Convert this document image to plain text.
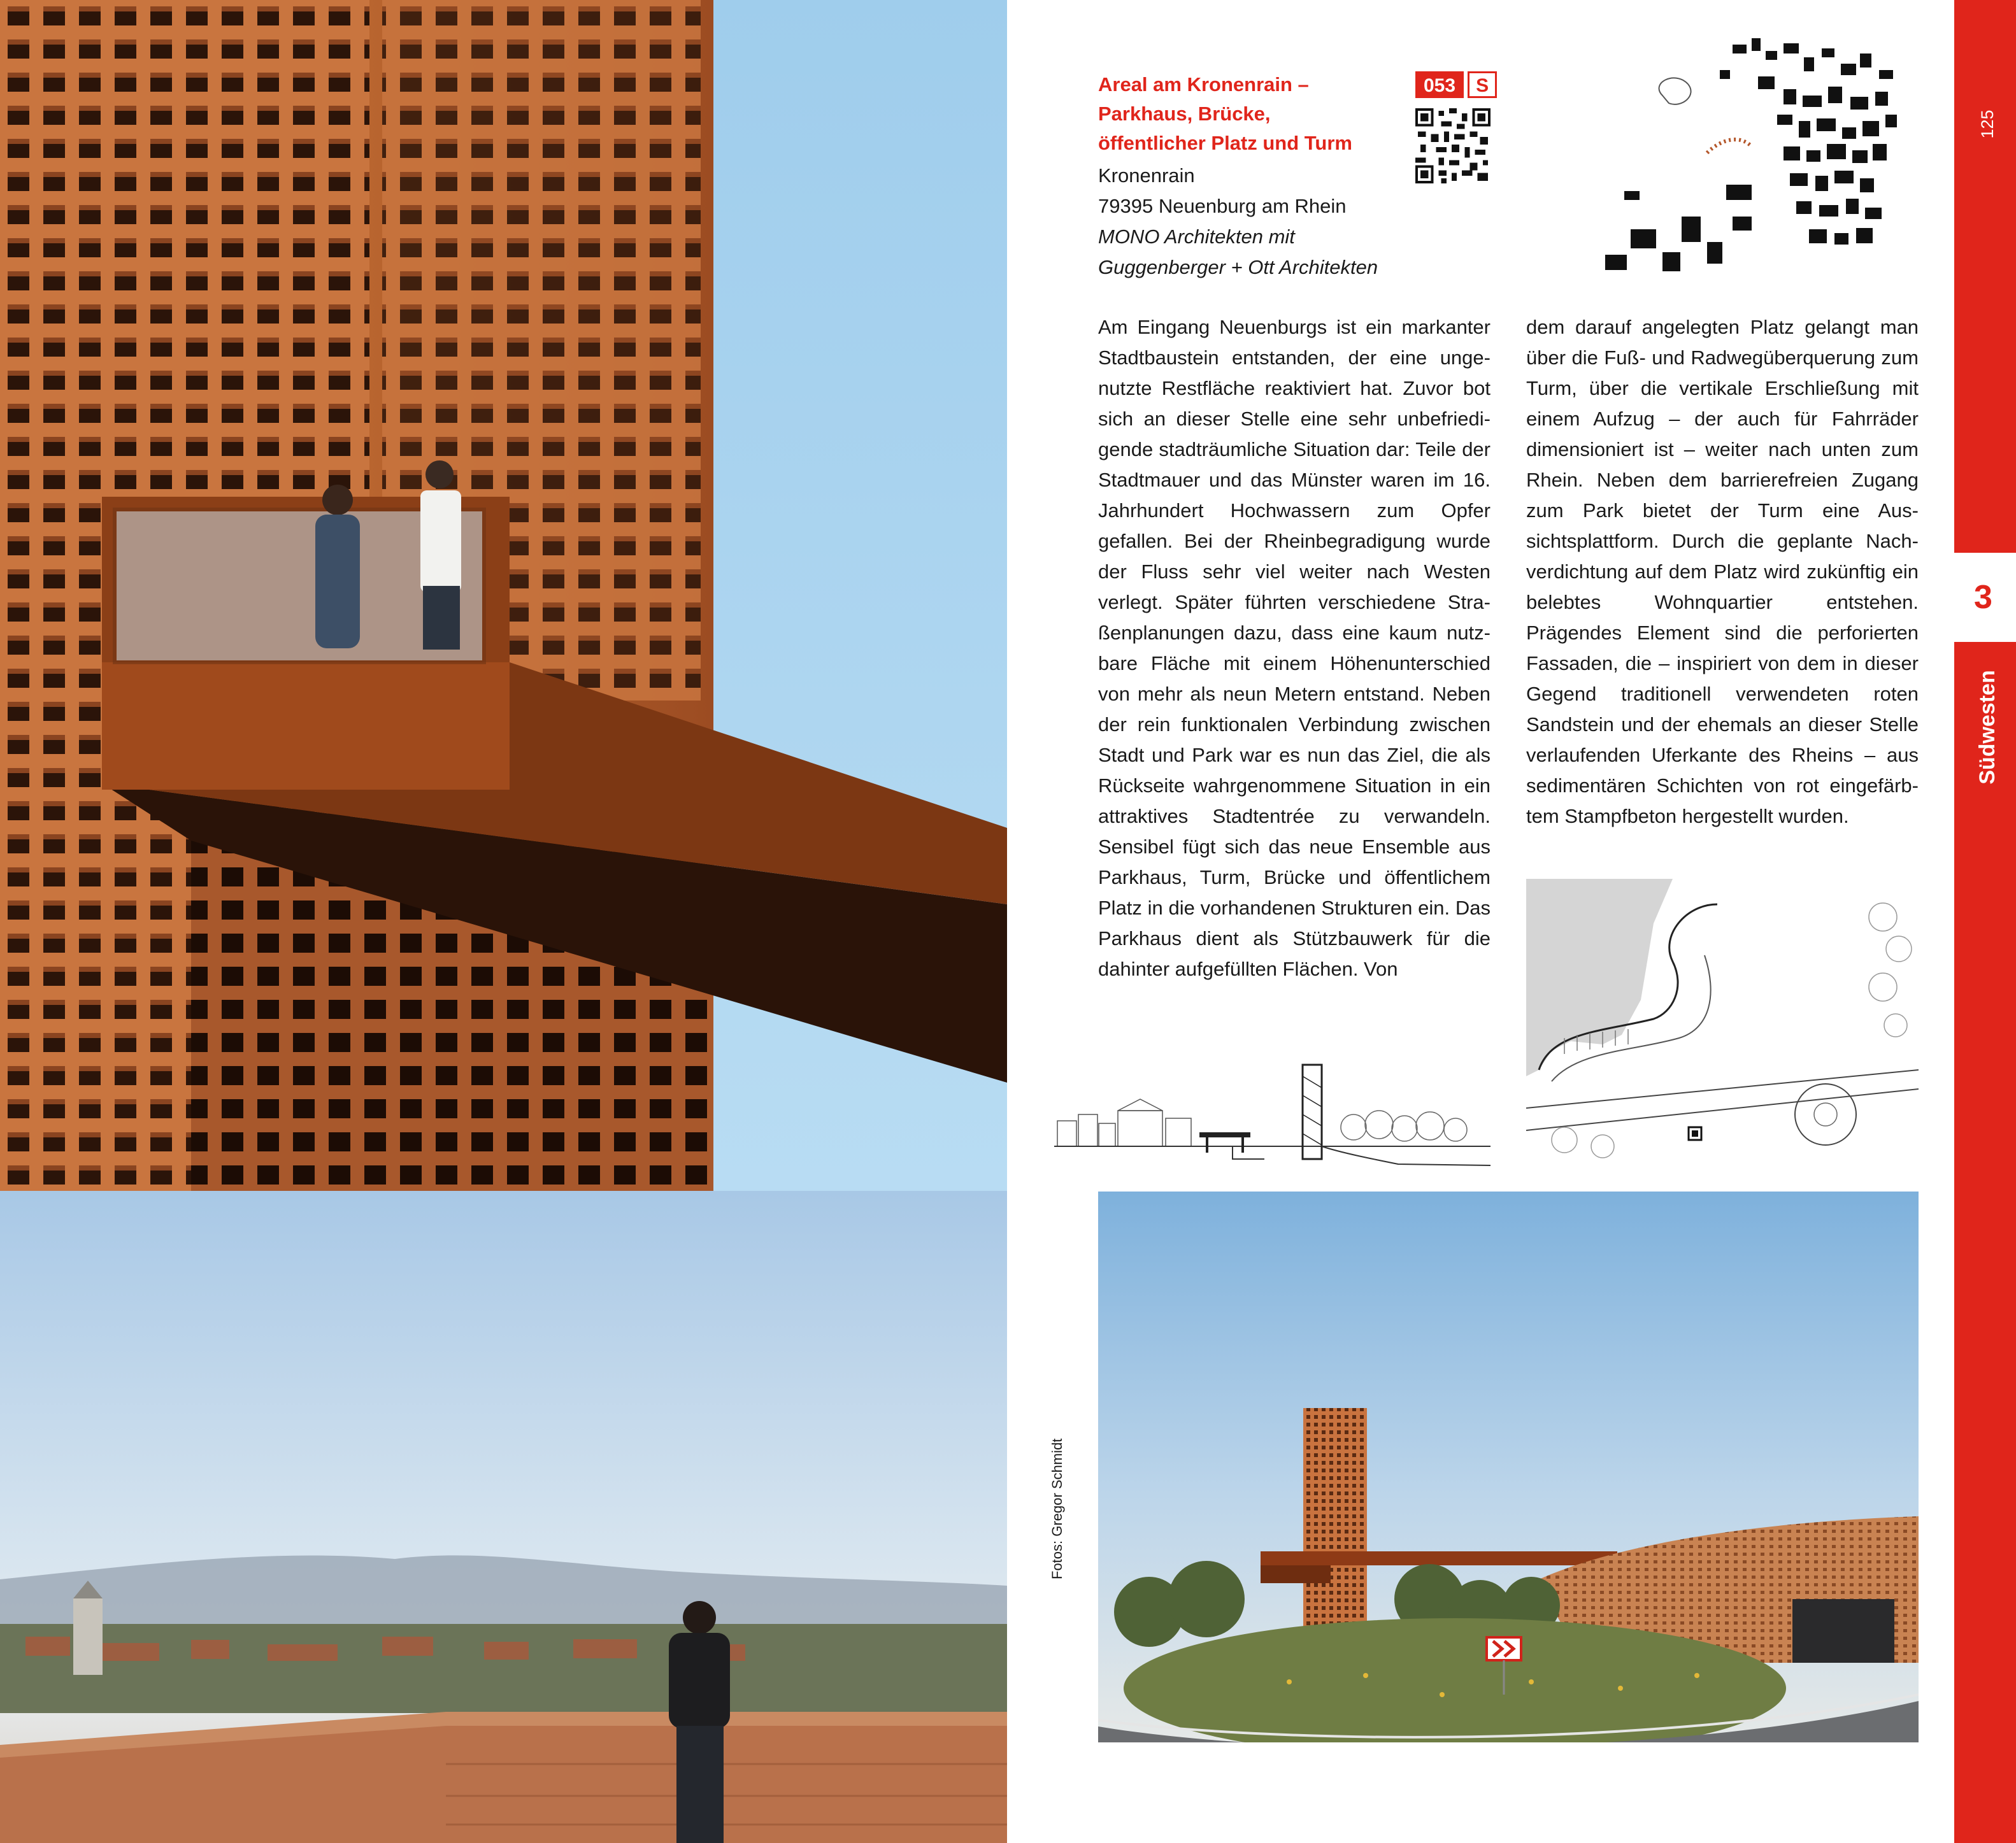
Areal am Kronenrain –
Parkhaus, Brücke,
öffentlicher Platz und Turm
Kronenrain
79395 Neuenburg am Rhein
MONO Architekten mit
Guggenberger + Ott Architekten
053	S
Am Eingang Neuenburgs ist ein markanter Stadtbaustein entstanden, der eine ungenutzte Restfläche reaktiviert hat. Zuvor bot sich an dieser Stelle eine sehr unbefriedigende stadträumliche Situation dar: Teile der Stadtmauer und das Münster waren im 16. Jahrhundert Hochwassern zum Opfer gefallen. Bei der Rheinbegradigung wurde der Fluss sehr viel weiter nach Westen verlegt. Später führten verschiedene Straßenplanungen dazu, dass eine kaum nutzbare Fläche mit einem Höhenunterschied von mehr als neun Metern entstand. Neben der rein funktionalen Verbindung zwischen Stadt und Park war es nun das Ziel, die als Rückseite wahrgenommene Situation in ein attraktives Stadtentrée zu verwandeln. Sensibel fügt sich das neue Ensemble aus Parkhaus, Turm, Brücke und öffentlichem Platz in die vorhandenen Strukturen ein. Das Parkhaus dient als Stützbauwerk für die dahinter aufgefüllten Flächen. Von
dem darauf angelegten Platz gelangt man über die Fuß- und Radwegüberquerung zum Turm, über die vertikale Erschließung mit einem Aufzug – der auch für Fahrräder dimensioniert ist – weiter nach unten zum Rhein. Neben dem barrierefreien Zugang zum Park bietet der Turm eine Aussichtsplattform. Durch die geplante Nachverdichtung auf dem Platz wird zukünftig ein belebtes Wohnquartier entstehen. Prägendes Element sind die perforierten Fassaden, die – inspiriert von dem in dieser Gegend traditionell verwendeten roten Sandstein und der ehemals an dieser Stelle verlaufenden Uferkante des Rheins – aus sedimentären Schichten von rot eingefärbtem Stampfbeton hergestellt wurden.
Fotos: Gregor Schmidt
125
3
Südwesten
